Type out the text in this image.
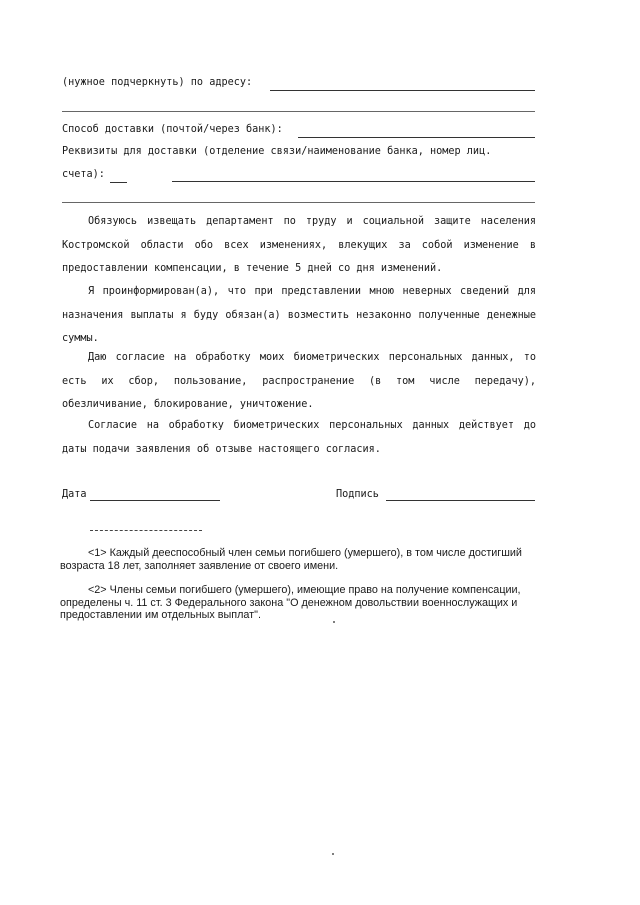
(нужное подчеркнуть) по адресу:
Способ доставки (почтой/через банк):
Реквизиты для доставки (отделение связи/наименование банка, номер лиц.
счета):
Обязуюсь извещать департамент по труду и социальной защите населения Костромской области обо всех изменениях, влекущих за собой изменение в предоставлении компенсации, в течение 5 дней со дня изменений.
Я проинформирован(а), что при представлении мною неверных сведений для назначения выплаты я буду обязан(а) возместить незаконно полученные денежные суммы.
Даю согласие на обработку моих биометрических персональных данных, то есть их сбор, пользование, распространение (в том числе передачу), обезличивание, блокирование, уничтожение.
Согласие на обработку биометрических персональных данных действует до даты подачи заявления об отзыве настоящего согласия.
Дата	Подпись
<1> Каждый дееспособный член семьи погибшего (умершего), в том числе достигший возраста 18 лет, заполняет заявление от своего имени.
<2> Члены семьи погибшего (умершего), имеющие право на получение компенсации, определены ч. 11 ст. 3 Федерального закона "О денежном довольствии военнослужащих и предоставлении им отдельных выплат".
